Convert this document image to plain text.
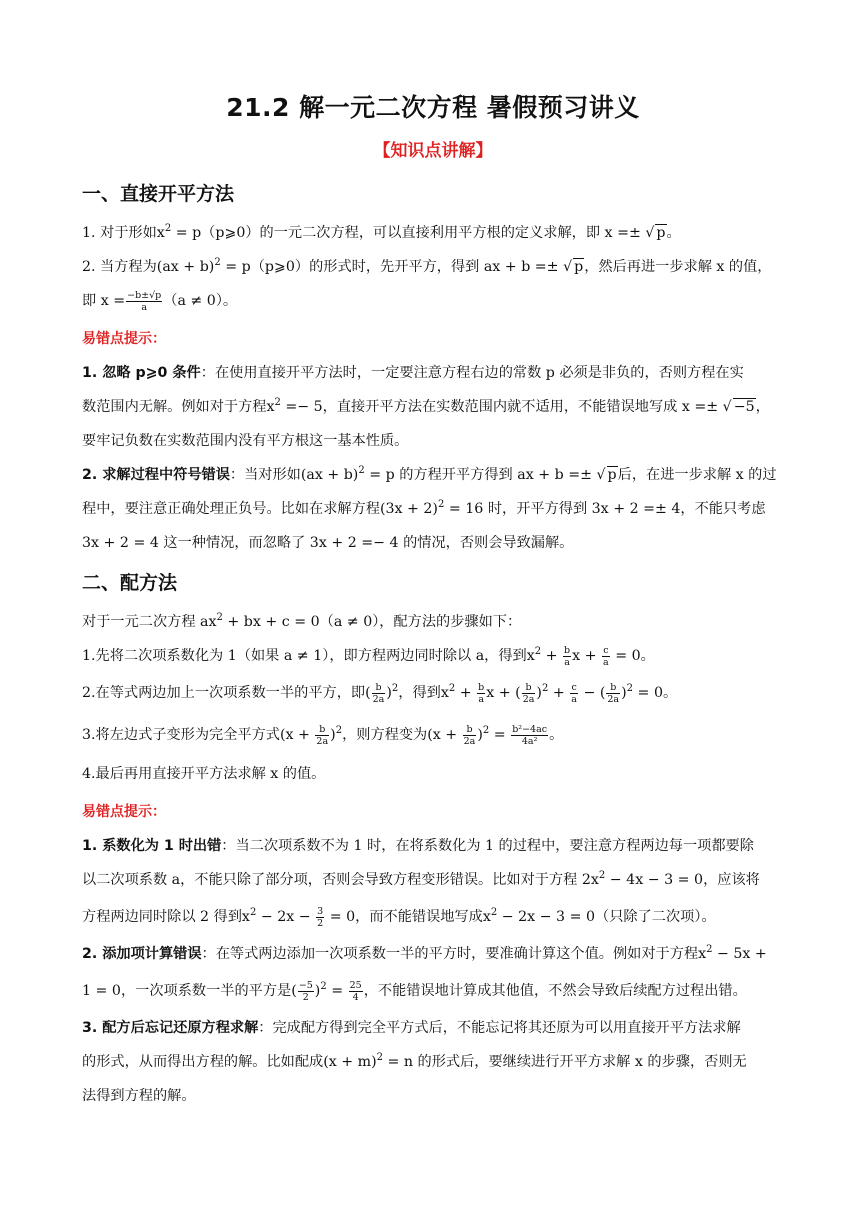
21.2 解一元二次方程 暑假预习讲义
【知识点讲解】
一、直接开平方法

1. 对于形如$x^2$ = p（p⩾0）的一元二次方程，可以直接利用平方根的定义求解，即 x =± √ p。

2. 当方程为(ax + b)$^2$ = p（p⩾0）的形式时，先开平方，得到 ax + b =± √ p，然后再进一步求解 x 的值，

即 $x = \frac{-b\pm√p}{a} (a \ne 0)$。

易错点提示：

1. 忽略 p⩾0 条件：在使用直接开平方法时，一定要注意方程右边的常数 p 必须是非负的，否则方程在实

数范围内无解。例如对于方程$x^2 =- 5$，直接开平方法在实数范围内就不适用，不能错误地写成 x =± √ −5，

要牢记负数在实数范围内没有平方根这一基本性质。

2. 求解过程中符号错误：当对形如(ax + b)$^2$ = p 的方程开平方得到 ax + b =± √ p后，在进一步求解 x 的过

程中，要注意正确处理正负号。比如在求解方程$(3x + 2)^2 = 16$ 时，开平方得到 3x + 2 =± 4，不能只考虑

3x + 2 = 4 这一种情况，而忽略了 3x + 2 =− 4 的情况，否则会导致漏解。

二、配方法

对于一元二次方程 $ax^2$ + bx + c = 0（a ≠ 0），配方法的步骤如下：

1.先将二次项系数化为 1（如果 a ≠ 1），即方程两边同时除以 a，得到$x^2 + \frac{b}{a}$ $x + \frac{c}{a} = 0$。

2.在等式两边加上一次项系数一半的平方，即( $\frac{b}{2a} )^2$，得到$x^2 + \frac{b}{a}$ x + ( $\frac{b}{2a} )^2 + \frac{c}{a}$ − ( $\frac{b}{2a} )^2 = 0$。

3.将左边式子变形为完全平方式$(x + \frac{b}{2a} )^2$，则方程变为$(x + \frac{b}{2a} )^2 = \frac{\text{b²−4ac}}{\text{4a²}}$ 。

4.最后再用直接开平方法求解 x 的值。

易错点提示：

1. 系数化为 1 时出错：当二次项系数不为 1 时，在将系数化为 1 的过程中，要注意方程两边每一项都要除

以二次项系数 a，不能只除了部分项，否则会导致方程变形错误。比如对于方程 $2x^2 - 4x - 3 = 0$，应该将

方程两边同时除以 2 得到$x^2 - 2x - \frac{3}{2} = 0$，而不能错误地写成$x^2 - 2x - 3 = 0$（只除了二次项）。

2. 添加项计算错误：在等式两边添加一次项系数一半的平方时，要准确计算这个值。例如对于方程$x^2 - 5x$ +

1 = 0，一次项系数一半的平方是( $\frac{-5}{2} )^2 = \frac{25}{4}$ ，不能错误地计算成其他值，不然会导致后续配方过程出错。

3. 配方后忘记还原方程求解：完成配方得到完全平方式后，不能忘记将其还原为可以用直接开平方法求解

的形式，从而得出方程的解。比如配成$(x + m)^2 = n$ 的形式后，要继续进行开平方求解 x 的步骤，否则无

法得到方程的解。
